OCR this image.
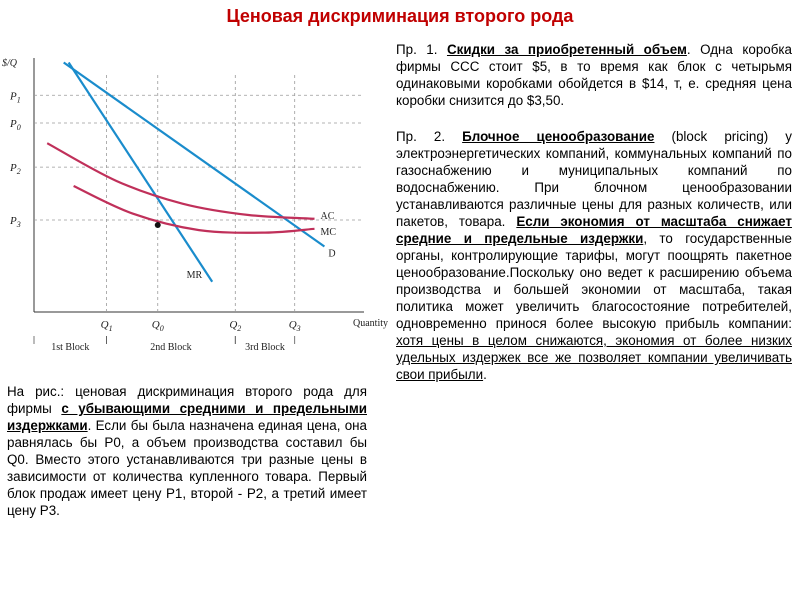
Ценовая дискриминация второго рода
$/Q
Quantity
$P_1$
$P_0$
$P_2$
$P_3$
$Q_1$	$Q_0$	$Q_2$	$Q_3$
1st Block	2nd Block	3rd Block
D
MR
AC
MC
Пр. 1. Скидки за приобретенный объем. Одна коробка фирмы ССС стоит $5, в то время как блок с четырьмя одинаковыми коробками обойдется в $14, т, е. средняя цена коробки снизится до $3,50.
Пр. 2. Блочное ценообразование (block pricing) у электроэнергетических компаний, коммунальных компаний по газоснабжению и муниципальных компаний по водоснабжению. При блочном ценообразовании устанавливаются различные цены для разных количеств, или пакетов, товара. Если экономия от масштаба снижает средние и предельные издержки, то государственные органы, контролирующие тарифы, могут поощрять пакетное ценообразование.Поскольку оно ведет к расширению объема производства и большей экономии от масштаба, такая политика может увеличить благосостояние потребителей, одновременно принося более высокую прибыль компании: хотя цены в целом снижаются, экономия от более низких удельных издержек все же позволяет компании увеличивать свои прибыли.
На рис.: ценовая дискриминация второго рода для фирмы с убывающими средними и предельными издержками. Если бы была назначена единая цена, она равнялась бы P0, а объем производства составил бы Q0. Вместо этого устанавливаются три разные цены в зависимости от количества купленного товара. Первый блок продаж имеет цену P1, второй - P2, а третий имеет цену P3.
